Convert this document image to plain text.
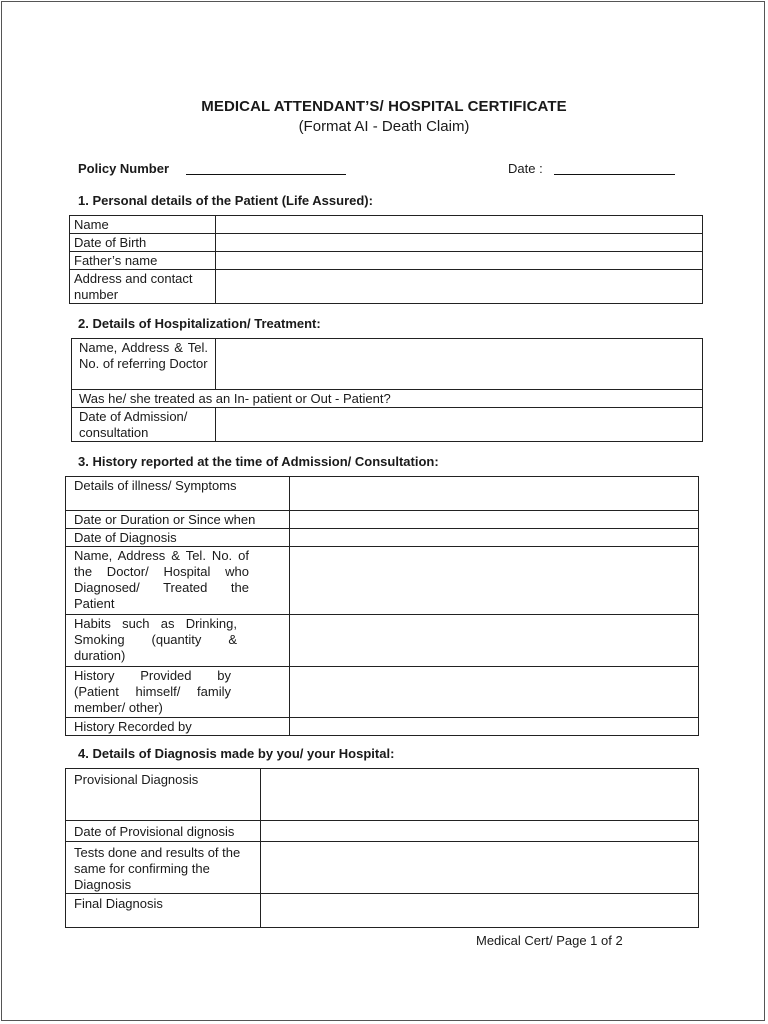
MEDICAL ATTENDANT’S/ HOSPITAL CERTIFICATE
(Format AI - Death Claim)
Policy Number	Date :
1. Personal details of the Patient (Life Assured):
Name	
Date of Birth	
Father’s name	
Address and contact number	
2. Details of Hospitalization/ Treatment:
Name, Address & Tel. No. of referring Doctor	
Was he/ she treated as an In- patient or Out - Patient?	
Date of Admission/ consultation	
3. History reported at the time of Admission/ Consultation:
Details of illness/ Symptoms	
Date or Duration or Since when	
Date of Diagnosis	
Name, Address & Tel. No. of the Doctor/ Hospital who Diagnosed/ Treated the Patient	
Habits such as Drinking, Smoking (quantity & duration)	
History Provided by (Patient himself/ family member/ other)	
History Recorded by	
4. Details of Diagnosis made by you/ your Hospital:
Provisional Diagnosis	
Date of Provisional dignosis	
Tests done and results of the same for confirming the Diagnosis	
Final Diagnosis	
Medical Cert/ Page 1 of 2
